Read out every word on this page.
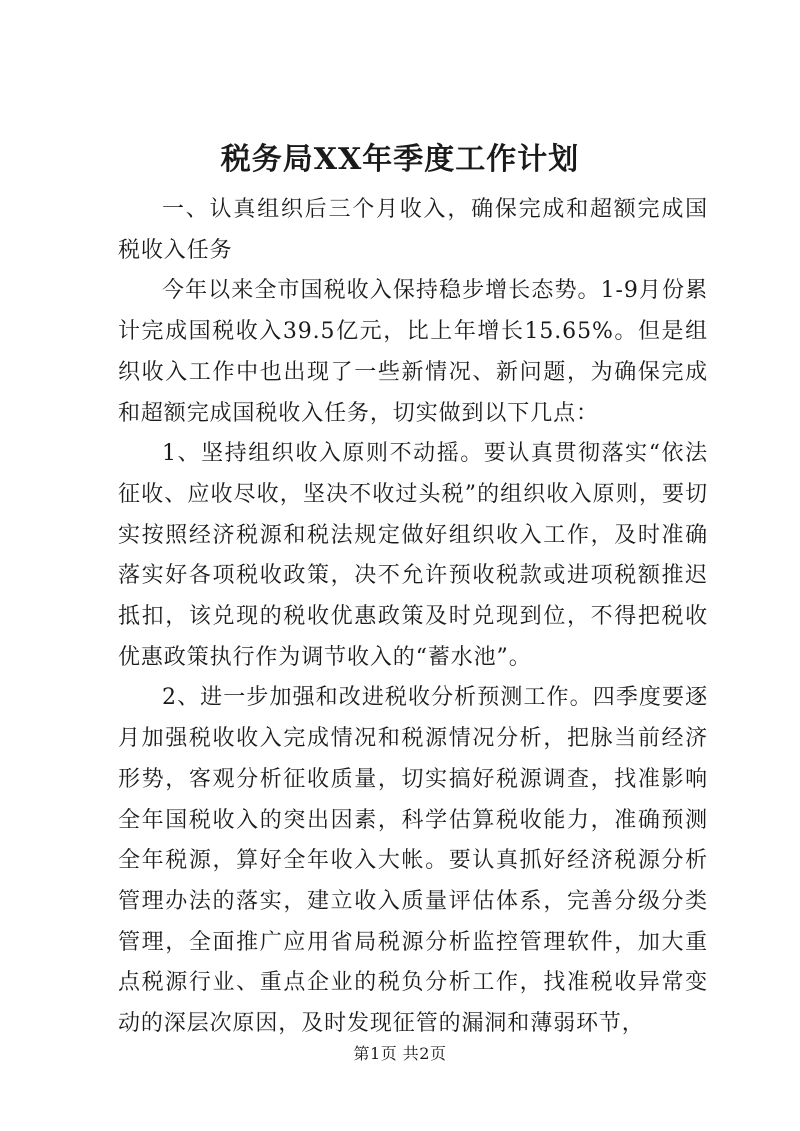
税务局XX年季度工作计划

一、认真组织后三个月收入，确保完成和超额完成国税收入任务

今年以来全市国税收入保持稳步增长态势。1-9月份累计完成国税收入39.5亿元，比上年增长15.65%。但是组织收入工作中也出现了一些新情况、新问题，为确保完成和超额完成国税收入任务，切实做到以下几点：

1、坚持组织收入原则不动摇。要认真贯彻落实“依法征收、应收尽收，坚决不收过头税”的组织收入原则，要切实按照经济税源和税法规定做好组织收入工作，及时准确落实好各项税收政策，决不允许预收税款或进项税额推迟抵扣，该兑现的税收优惠政策及时兑现到位，不得把税收优惠政策执行作为调节收入的“蓄水池”。

2、进一步加强和改进税收分析预测工作。四季度要逐月加强税收收入完成情况和税源情况分析，把脉当前经济形势，客观分析征收质量，切实搞好税源调查，找准影响全年国税收入的突出因素，科学估算税收能力，准确预测全年税源，算好全年收入大帐。要认真抓好经济税源分析管理办法的落实，建立收入质量评估体系，完善分级分类管理，全面推广应用省局税源分析监控管理软件，加大重点税源行业、重点企业的税负分析工作，找准税收异常变动的深层次原因，及时发现征管的漏洞和薄弱环节，

第1页 共2页
